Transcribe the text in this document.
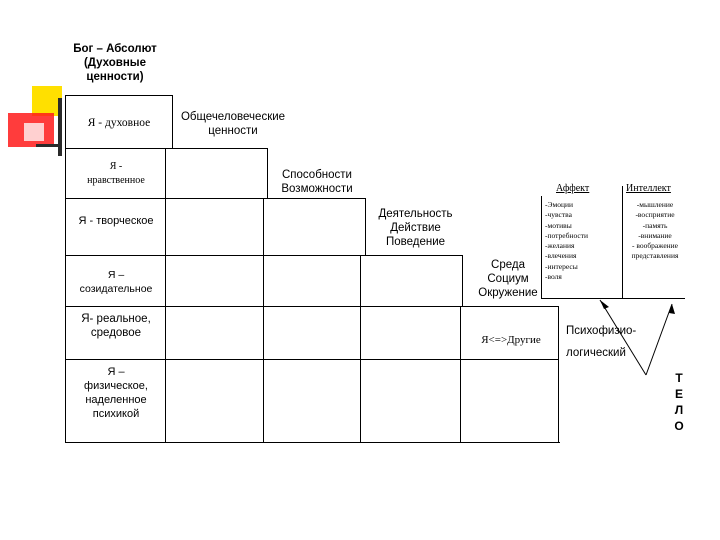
Бог – Абсолют
(Духовные
ценности)
Общечеловеческие
ценности
Способности
Возможности
Деятельность
Действие
Поведение
Среда
Социум
Окружение
Я<=>Другие
Психофизио-
логический
Т
Е
Л
О
Я - духовное
Я -
нравственное
Я - творческое
Я –
созидательное
Я- реальное,
средовое
Я –
физическое,
наделенное
психикой
Аффект
-Эмоции
-чувства
-мотивы
-потребности
-желания
-влечения
-интересы
-воля
Интеллект
-мышление
-восприятие
-память
-внимание
- воображение
представления
